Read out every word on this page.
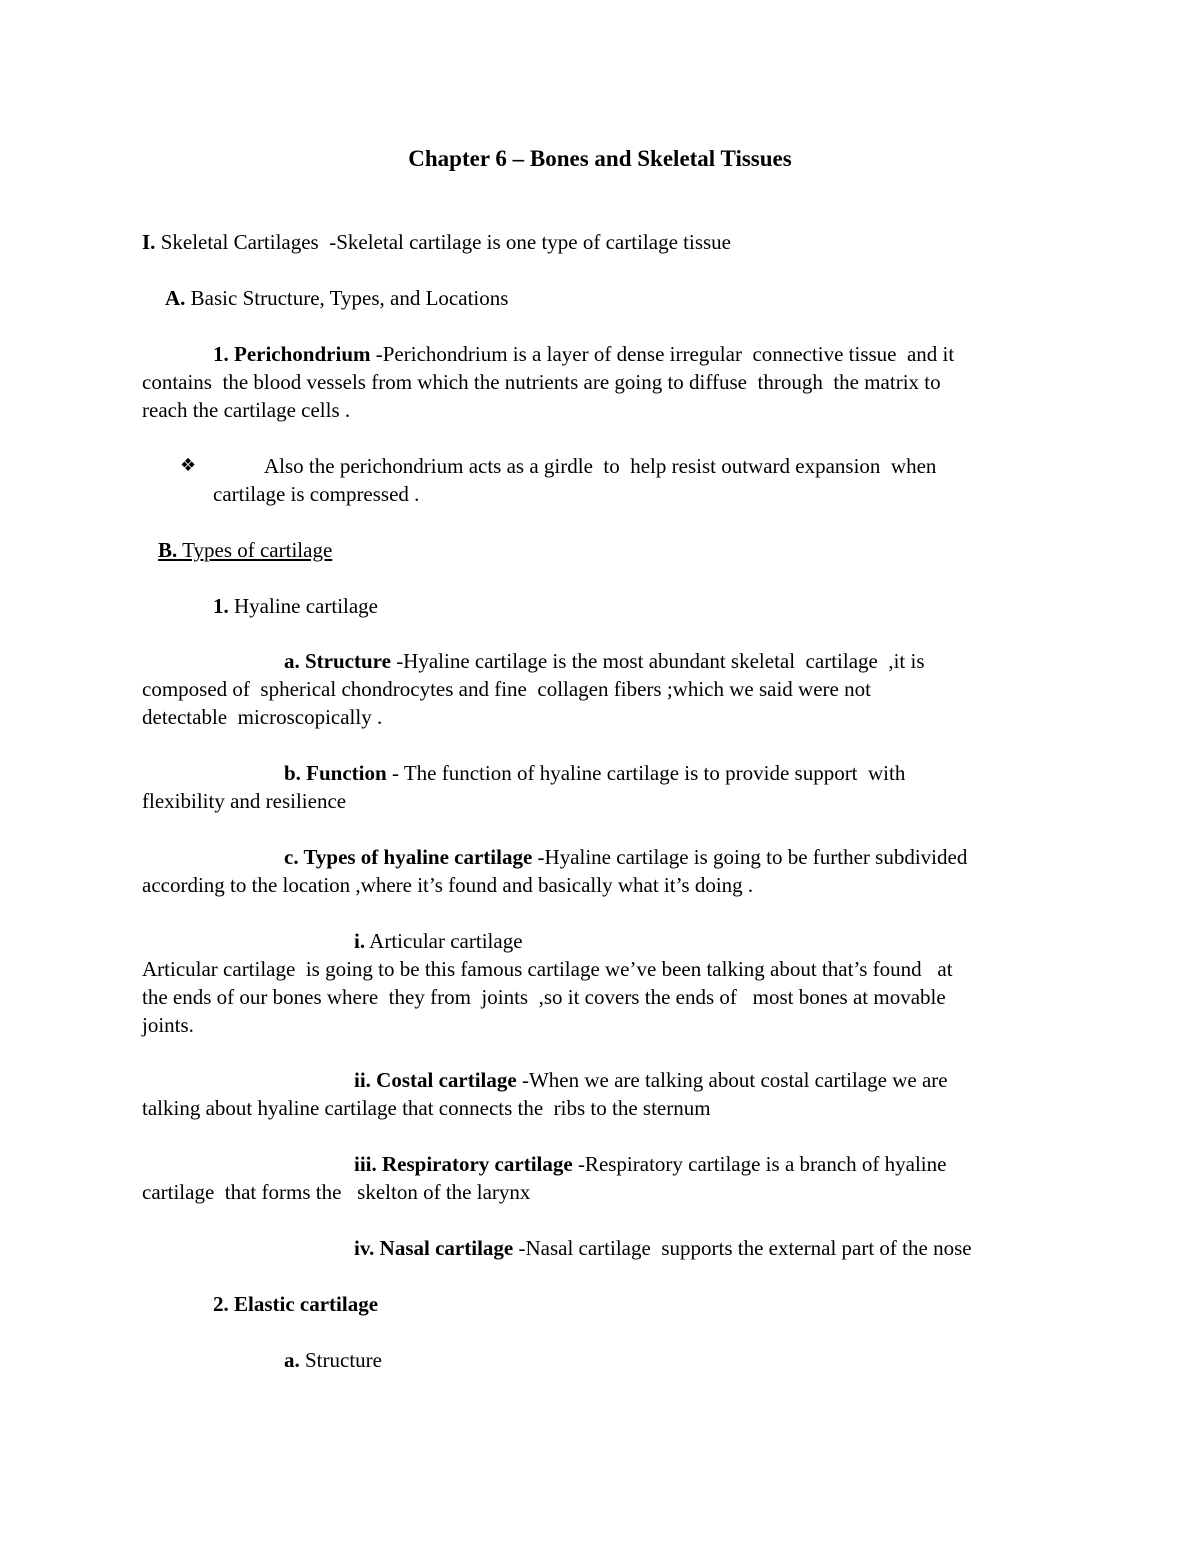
Chapter 6 – Bones and Skeletal Tissues
I. Skeletal Cartilages  -Skeletal cartilage is one type of cartilage tissue
A. Basic Structure, Types, and Locations
1. Perichondrium -Perichondrium is a layer of dense irregular  connective tissue  and it
contains  the blood vessels from which the nutrients are going to diffuse  through  the matrix to
reach the cartilage cells .
❖	Also the perichondrium acts as a girdle  to  help resist outward expansion  when
cartilage is compressed .
B. Types of cartilage
1. Hyaline cartilage
a. Structure -Hyaline cartilage is the most abundant skeletal  cartilage  ,it is
composed of  spherical chondrocytes and fine  collagen fibers ;which we said were not
detectable  microscopically .
b. Function - The function of hyaline cartilage is to provide support  with
flexibility and resilience
c. Types of hyaline cartilage -Hyaline cartilage is going to be further subdivided
according to the location ,where it’s found and basically what it’s doing .
i. Articular cartilage
Articular cartilage  is going to be this famous cartilage we’ve been talking about that’s found   at
the ends of our bones where  they from  joints  ,so it covers the ends of   most bones at movable
joints.
ii. Costal cartilage -When we are talking about costal cartilage we are
talking about hyaline cartilage that connects the  ribs to the sternum
iii. Respiratory cartilage -Respiratory cartilage is a branch of hyaline
cartilage  that forms the   skelton of the larynx
iv. Nasal cartilage -Nasal cartilage  supports the external part of the nose
2. Elastic cartilage
a. Structure
